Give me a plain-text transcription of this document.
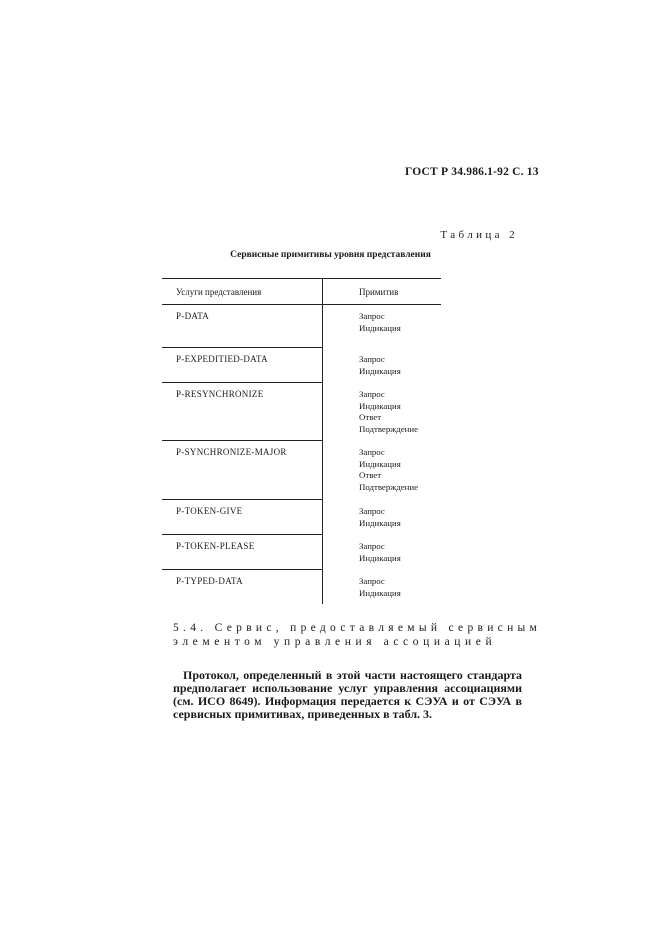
ГОСТ Р 34.986.1-92 С. 13
Таблица 2
Сервисные примитивы уровня представления
Услуги представления	Примитив
P-DATA	Запрос
Индикация
P-EXPEDITIED-DATA	Запрос
Индикация
P-RESYNCHRONIZE	Запрос
Индикация
Ответ
Подтверждение
P-SYNCHRONIZE-MAJOR	Запрос
Индикация
Ответ
Подтверждение
P-TOKEN-GIVE	Запрос
Индикация
P-TOKEN-PLEASE	Запрос
Индикация
P-TYPED-DATA	Запрос
Индикация
5.4. Сервис, предоставляемый сервисным
элементом управления ассоциацией
Протокол, определенный в этой части настоящего стандарта предполагает использование услуг управления ассоциациями (см. ИСО 8649). Информация передается к СЭУА и от СЭУА в сервисных примитивах, приведенных в табл. 3.
